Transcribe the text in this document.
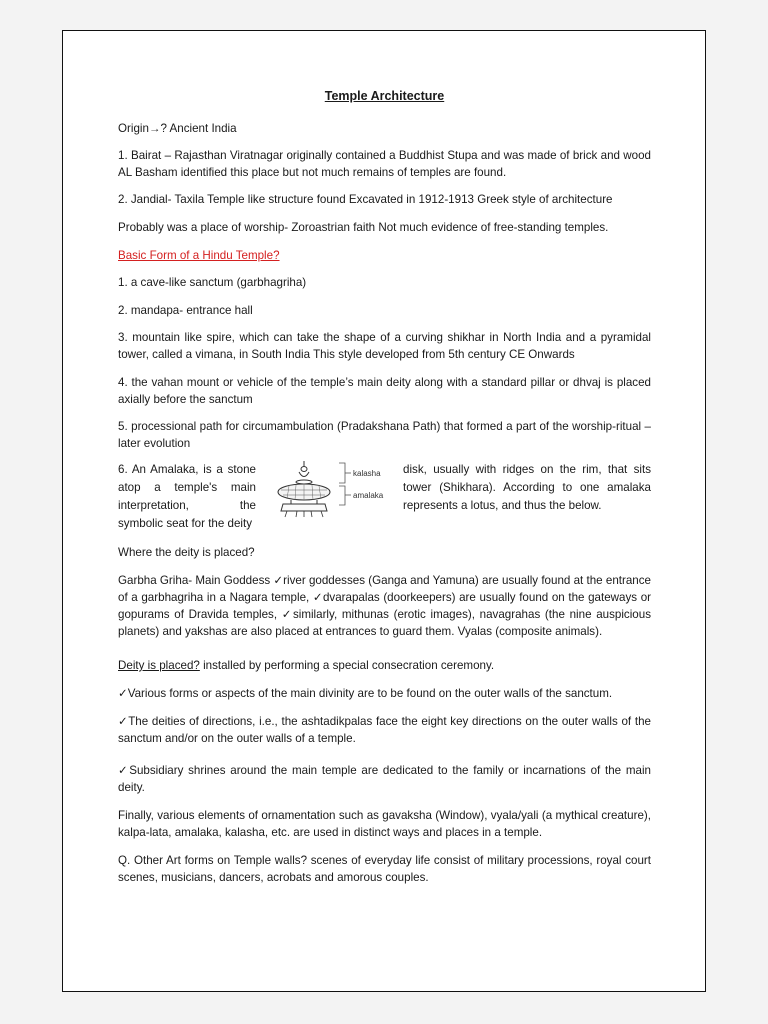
Temple Architecture

Origin→? Ancient India

1. Bairat – Rajasthan Viratnagar originally contained a Buddhist Stupa and was made of brick and wood AL Basham identified this place but not much remains of temples are found.

2. Jandial- Taxila Temple like structure found Excavated in 1912-1913 Greek style of architecture

Probably was a place of worship- Zoroastrian faith Not much evidence of free-standing temples.

Basic Form of a Hindu Temple?

1. a cave-like sanctum (garbhagriha)

2. mandapa- entrance hall

3. mountain like spire, which can take the shape of a curving shikhar in North India and a pyramidal tower, called a vimana, in South India This style developed from 5th century CE Onwards

4. the vahan mount or vehicle of the temple’s main deity along with a standard pillar or dhvaj is placed axially before the sanctum

5. processional path for circumambulation (Pradakshana Path) that formed a part of the worship-ritual – later evolution

6. An Amalaka, is a stone atop a temple's main interpretation, the symbolic seat for the deity

kalasha
amalaka

disk, usually with ridges on the rim, that sits tower (Shikhara). According to one amalaka represents a lotus, and thus the below.

Where the deity is placed?

Garbha Griha- Main Goddess ✓river goddesses (Ganga and Yamuna) are usually found at the entrance of a garbhagriha in a Nagara temple, ✓dvarapalas (doorkeepers) are usually found on the gateways or gopurams of Dravida temples, ✓similarly, mithunas (erotic images), navagrahas (the nine auspicious planets) and yakshas are also placed at entrances to guard them. Vyalas (composite animals).

Deity is placed? installed by performing a special consecration ceremony.

✓Various forms or aspects of the main divinity are to be found on the outer walls of the sanctum.

✓The deities of directions, i.e., the ashtadikpalas face the eight key directions on the outer walls of the sanctum and/or on the outer walls of a temple.

✓Subsidiary shrines around the main temple are dedicated to the family or incarnations of the main deity.

Finally, various elements of ornamentation such as gavaksha (Window), vyala/yali (a mythical creature), kalpa-lata, amalaka, kalasha, etc. are used in distinct ways and places in a temple.

Q. Other Art forms on Temple walls? scenes of everyday life consist of military processions, royal court scenes, musicians, dancers, acrobats and amorous couples.
